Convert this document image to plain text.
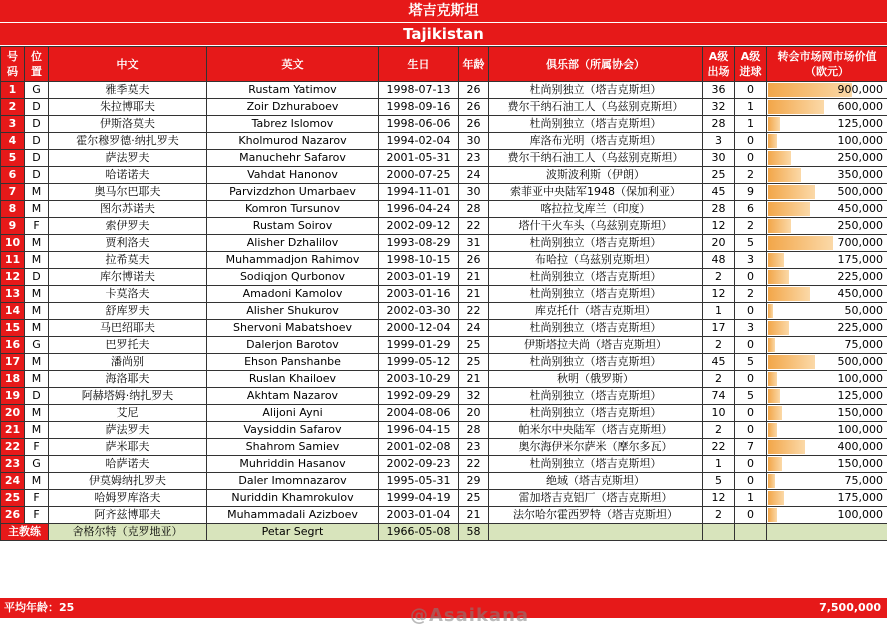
塔吉克斯坦
Tajikistan
号码	位置	中文	英文	生日	年龄	俱乐部（所属协会）	A级出场	A级进球	转会市场网市场价值（欧元）
1	G	雅季莫夫	Rustam Yatimov	1998-07-13	26	杜尚别独立（塔吉克斯坦）	36	0	900,000

2	D	朱拉博耶夫	Zoir Dzhuraboev	1998-09-16	26	费尔干纳石油工人（乌兹别克斯坦）	32	1	600,000

3	D	伊斯洛莫夫	Tabrez Islomov	1998-06-06	26	杜尚别独立（塔吉克斯坦）	28	1	125,000

4	D	霍尔穆罗德·纳扎罗夫	Kholmurod Nazarov	1994-02-04	30	库洛布光明（塔吉克斯坦）	3	0	100,000

5	D	萨法罗夫	Manuchehr Safarov	2001-05-31	23	费尔干纳石油工人（乌兹别克斯坦）	30	0	250,000

6	D	哈诺诺夫	Vahdat Hanonov	2000-07-25	24	波斯波利斯（伊朗）	25	2	350,000

7	M	奥马尔巴耶夫	Parvizdzhon Umarbaev	1994-11-01	30	索菲亚中央陆军1948（保加利亚）	45	9	500,000

8	M	图尔苏诺夫	Komron Tursunov	1996-04-24	28	喀拉拉戈库兰（印度）	28	6	450,000

9	F	索伊罗夫	Rustam Soirov	2002-09-12	22	塔什干火车头（乌兹别克斯坦）	12	2	250,000

10	M	贾利洛夫	Alisher Dzhalilov	1993-08-29	31	杜尚别独立（塔吉克斯坦）	20	5	700,000

11	M	拉希莫夫	Muhammadjon Rahimov	1998-10-15	26	布哈拉（乌兹别克斯坦）	48	3	175,000

12	D	库尔博诺夫	Sodiqjon Qurbonov	2003-01-19	21	杜尚别独立（塔吉克斯坦）	2	0	225,000

13	M	卡莫洛夫	Amadoni Kamolov	2003-01-16	21	杜尚别独立（塔吉克斯坦）	12	2	450,000

14	M	舒库罗夫	Alisher Shukurov	2002-03-30	22	库克托什（塔吉克斯坦）	1	0	50,000

15	M	马巴绍耶夫	Shervoni Mabatshoev	2000-12-04	24	杜尚别独立（塔吉克斯坦）	17	3	225,000

16	G	巴罗托夫	Dalerjon Barotov	1999-01-29	25	伊斯塔拉夫尚（塔吉克斯坦）	2	0	75,000

17	M	潘尚别	Ehson Panshanbe	1999-05-12	25	杜尚别独立（塔吉克斯坦）	45	5	500,000

18	M	海洛耶夫	Ruslan Khailoev	2003-10-29	21	秋明（俄罗斯）	2	0	100,000

19	D	阿赫塔姆·纳扎罗夫	Akhtam Nazarov	1992-09-29	32	杜尚别独立（塔吉克斯坦）	74	5	125,000

20	M	艾尼	Alijoni Ayni	2004-08-06	20	杜尚别独立（塔吉克斯坦）	10	0	150,000

21	M	萨法罗夫	Vaysiddin Safarov	1996-04-15	28	帕米尔中央陆军（塔吉克斯坦）	2	0	100,000

22	F	萨米耶夫	Shahrom Samiev	2001-02-08	23	奥尔海伊米尔萨米（摩尔多瓦）	22	7	400,000

23	G	哈萨诺夫	Muhriddin Hasanov	2002-09-23	22	杜尚别独立（塔吉克斯坦）	1	0	150,000

24	M	伊莫姆纳扎罗夫	Daler Imomnazarov	1995-05-31	29	绝域（塔吉克斯坦）	5	0	75,000

25	F	哈姆罗库洛夫	Nuriddin Khamrokulov	1999-04-19	25	雷加塔吉克铝厂（塔吉克斯坦）	12	1	175,000

26	F	阿齐兹博耶夫	Muhammadali Azizboev	2003-01-04	21	法尔哈尔霍西罗特（塔吉克斯坦）	2	0	100,000

主教练		舍格尔特（克罗地亚）	Petar Segrt	1966-05-08	58				
平均年龄：25	7,500,000
@Asaikana
